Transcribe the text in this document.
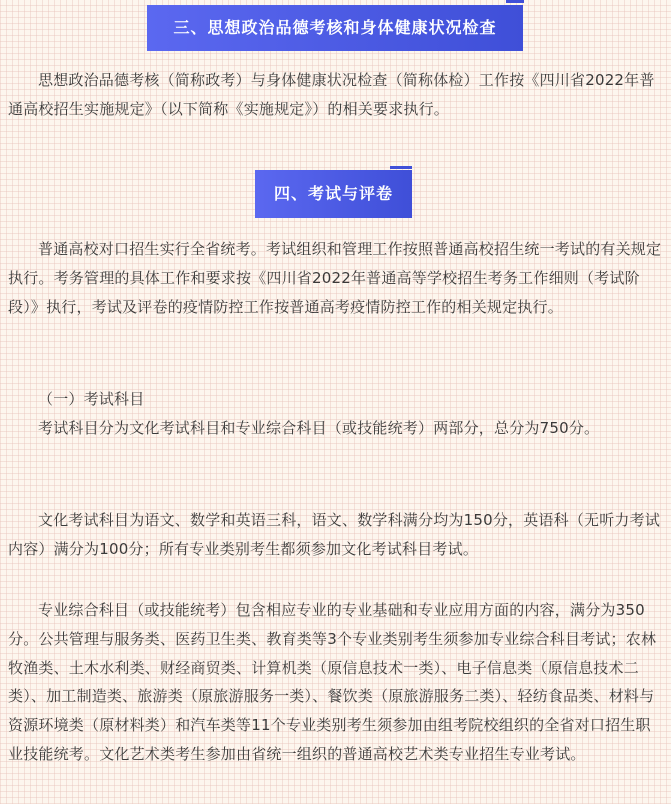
三、思想政治品德考核和身体健康状况检查

思想政治品德考核（简称政考）与身体健康状况检查（简称体检）工作按《四川省2022年普通高校招生实施规定》（以下简称《实施规定》）的相关要求执行。

四、考试与评卷

普通高校对口招生实行全省统考。考试组织和管理工作按照普通高校招生统一考试的有关规定执行。考务管理的具体工作和要求按《四川省2022年普通高等学校招生考务工作细则（考试阶段）》执行，考试及评卷的疫情防控工作按普通高考疫情防控工作的相关规定执行。

（一）考试科目

考试科目分为文化考试科目和专业综合科目（或技能统考）两部分，总分为750分。

文化考试科目为语文、数学和英语三科，语文、数学科满分均为150分，英语科（无听力考试内容）满分为100分；所有专业类别考生都须参加文化考试科目考试。

专业综合科目（或技能统考）包含相应专业的专业基础和专业应用方面的内容，满分为350分。公共管理与服务类、医药卫生类、教育类等3个专业类别考生须参加专业综合科目考试；农林牧渔类、土木水利类、财经商贸类、计算机类（原信息技术一类）、电子信息类（原信息技术二类）、加工制造类、旅游类（原旅游服务一类）、餐饮类（原旅游服务二类）、轻纺食品类、材料与资源环境类（原材料类）和汽车类等11个专业类别考生须参加由组考院校组织的全省对口招生职业技能统考。文化艺术类考生参加由省统一组织的普通高校艺术类专业招生专业考试。
